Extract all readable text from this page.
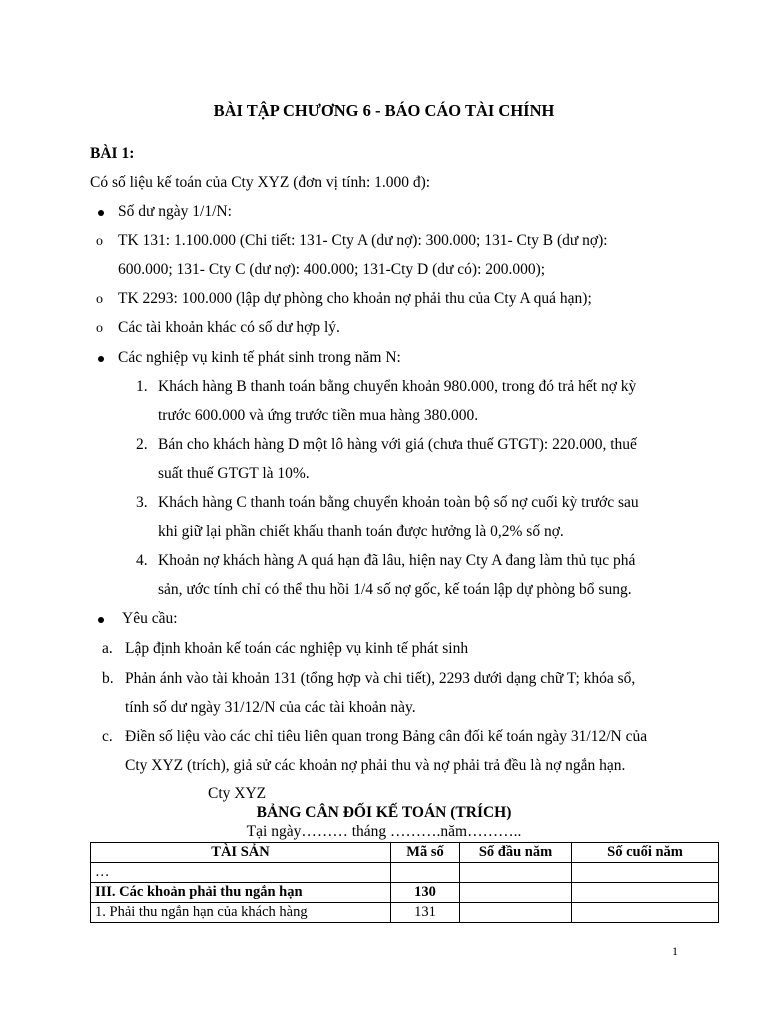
BÀI TẬP CHƯƠNG 6 - BÁO CÁO TÀI CHÍNH
BÀI 1:
Có số liệu kế toán của Cty XYZ (đơn vị tính: 1.000 đ):
Số dư ngày 1/1/N:
o TK 131: 1.100.000 (Chi tiết: 131- Cty A (dư nợ): 300.000; 131- Cty B (dư nợ):
600.000; 131- Cty C (dư nợ): 400.000; 131-Cty D (dư có): 200.000);
o TK 2293: 100.000 (lập dự phòng cho khoản nợ phải thu của Cty A quá hạn);
o Các tài khoản khác có số dư hợp lý.
Các nghiệp vụ kinh tế phát sinh trong năm N:
1. Khách hàng B thanh toán bằng chuyển khoản 980.000, trong đó trả hết nợ kỳ
trước 600.000 và ứng trước tiền mua hàng 380.000.
2. Bán cho khách hàng D một lô hàng với giá (chưa thuế GTGT): 220.000, thuế
suất thuế GTGT là 10%.
3. Khách hàng C thanh toán bằng chuyển khoản toàn bộ số nợ cuối kỳ trước sau
khi giữ lại phần chiết khấu thanh toán được hưởng là 0,2% số nợ.
4. Khoản nợ khách hàng A quá hạn đã lâu, hiện nay Cty A đang làm thủ tục phá
sản, ước tính chỉ có thể thu hồi 1/4 số nợ gốc, kế toán lập dự phòng bổ sung.
Yêu cầu:
a. Lập định khoản kế toán các nghiệp vụ kinh tế phát sinh
b. Phản ánh vào tài khoản 131 (tổng hợp và chi tiết), 2293 dưới dạng chữ T; khóa sổ,
tính số dư ngày 31/12/N của các tài khoản này.
c. Điền số liệu vào các chỉ tiêu liên quan trong Bảng cân đối kế toán ngày 31/12/N của
Cty XYZ (trích), giả sử các khoản nợ phải thu và nợ phải trả đều là nợ ngắn hạn.
Cty XYZ
BẢNG CÂN ĐỐI KẾ TOÁN (TRÍCH)
Tại ngày……… tháng ……….năm………..
TÀI SẢN	Mã số	Số đầu năm	Số cuối năm
…			
III. Các khoản phải thu ngắn hạn	130		
1. Phải thu ngắn hạn của khách hàng	131		
1
